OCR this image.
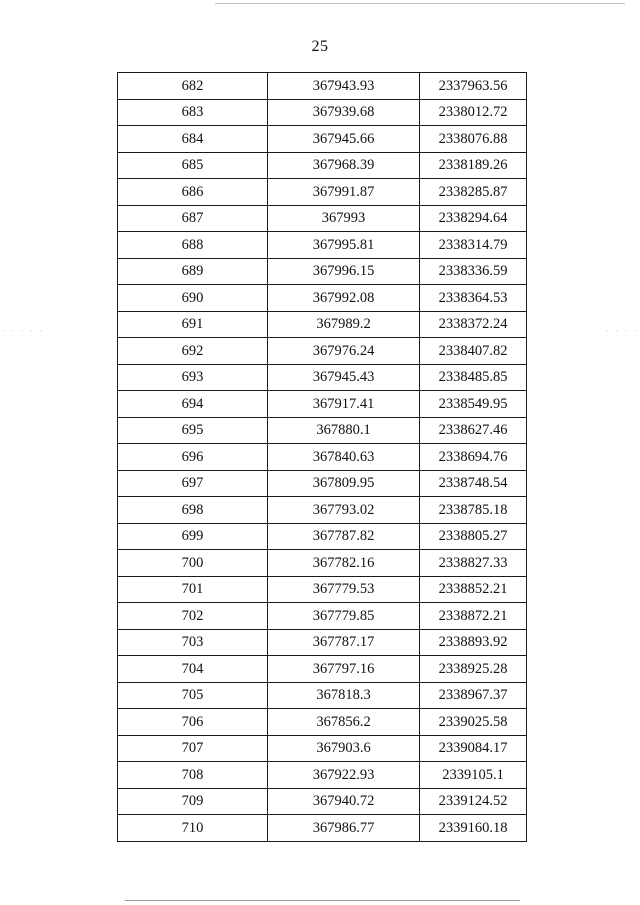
· · · · ·	· · · ·
25
682	367943.93	2337963.56
683	367939.68	2338012.72
684	367945.66	2338076.88
685	367968.39	2338189.26
686	367991.87	2338285.87
687	367993	2338294.64
688	367995.81	2338314.79
689	367996.15	2338336.59
690	367992.08	2338364.53
691	367989.2	2338372.24
692	367976.24	2338407.82
693	367945.43	2338485.85
694	367917.41	2338549.95
695	367880.1	2338627.46
696	367840.63	2338694.76
697	367809.95	2338748.54
698	367793.02	2338785.18
699	367787.82	2338805.27
700	367782.16	2338827.33
701	367779.53	2338852.21
702	367779.85	2338872.21
703	367787.17	2338893.92
704	367797.16	2338925.28
705	367818.3	2338967.37
706	367856.2	2339025.58
707	367903.6	2339084.17
708	367922.93	2339105.1
709	367940.72	2339124.52
710	367986.77	2339160.18
